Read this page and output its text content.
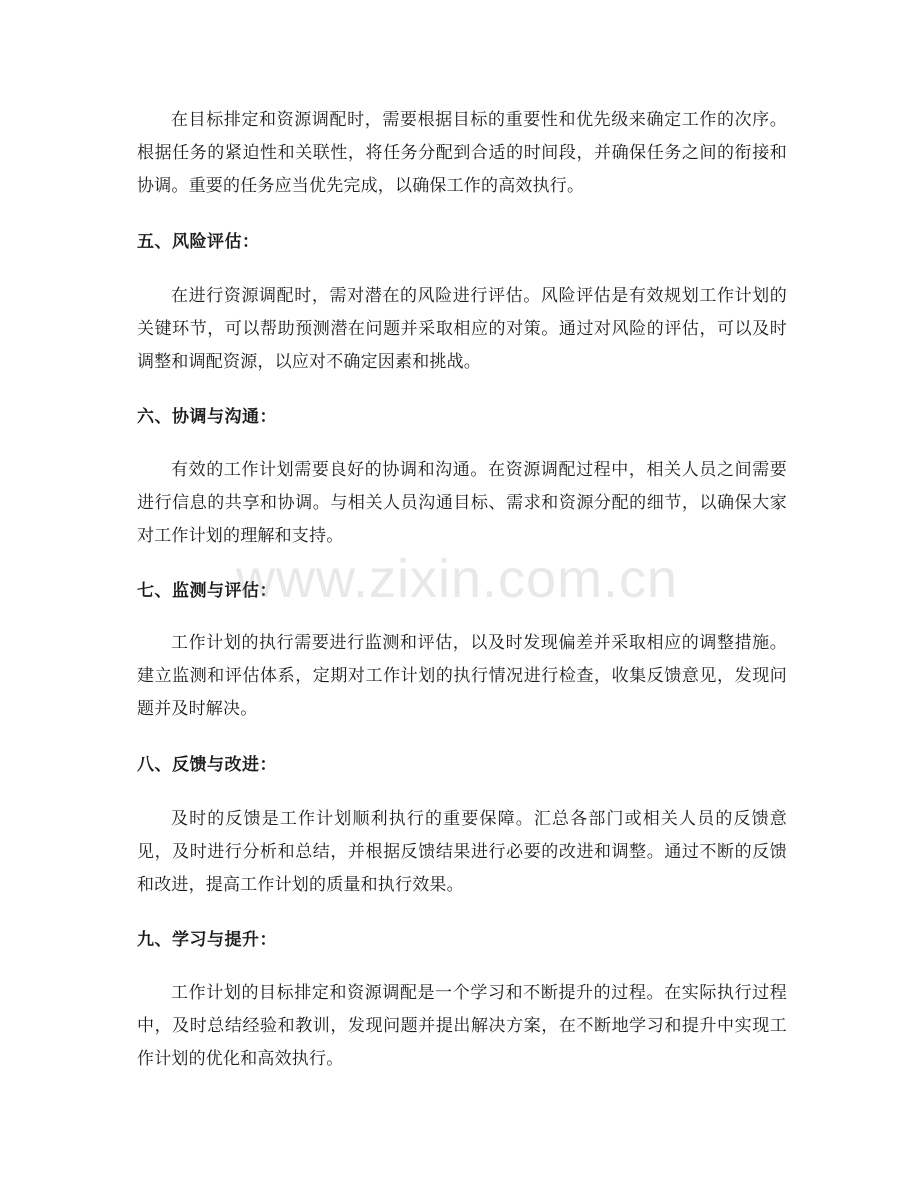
在目标排定和资源调配时，需要根据目标的重要性和优先级来确定工作的次序。根据任务的紧迫性和关联性，将任务分配到合适的时间段，并确保任务之间的衔接和协调。重要的任务应当优先完成，以确保工作的高效执行。

五、风险评估：

在进行资源调配时，需对潜在的风险进行评估。风险评估是有效规划工作计划的关键环节，可以帮助预测潜在问题并采取相应的对策。通过对风险的评估，可以及时调整和调配资源，以应对不确定因素和挑战。

六、协调与沟通：

有效的工作计划需要良好的协调和沟通。在资源调配过程中，相关人员之间需要进行信息的共享和协调。与相关人员沟通目标、需求和资源分配的细节，以确保大家对工作计划的理解和支持。

七、监测与评估：

工作计划的执行需要进行监测和评估，以及时发现偏差并采取相应的调整措施。建立监测和评估体系，定期对工作计划的执行情况进行检查，收集反馈意见，发现问题并及时解决。

八、反馈与改进：

及时的反馈是工作计划顺利执行的重要保障。汇总各部门或相关人员的反馈意见，及时进行分析和总结，并根据反馈结果进行必要的改进和调整。通过不断的反馈和改进，提高工作计划的质量和执行效果。

九、学习与提升：

工作计划的目标排定和资源调配是一个学习和不断提升的过程。在实际执行过程中，及时总结经验和教训，发现问题并提出解决方案，在不断地学习和提升中实现工作计划的优化和高效执行。

www.zixin.com.cn
